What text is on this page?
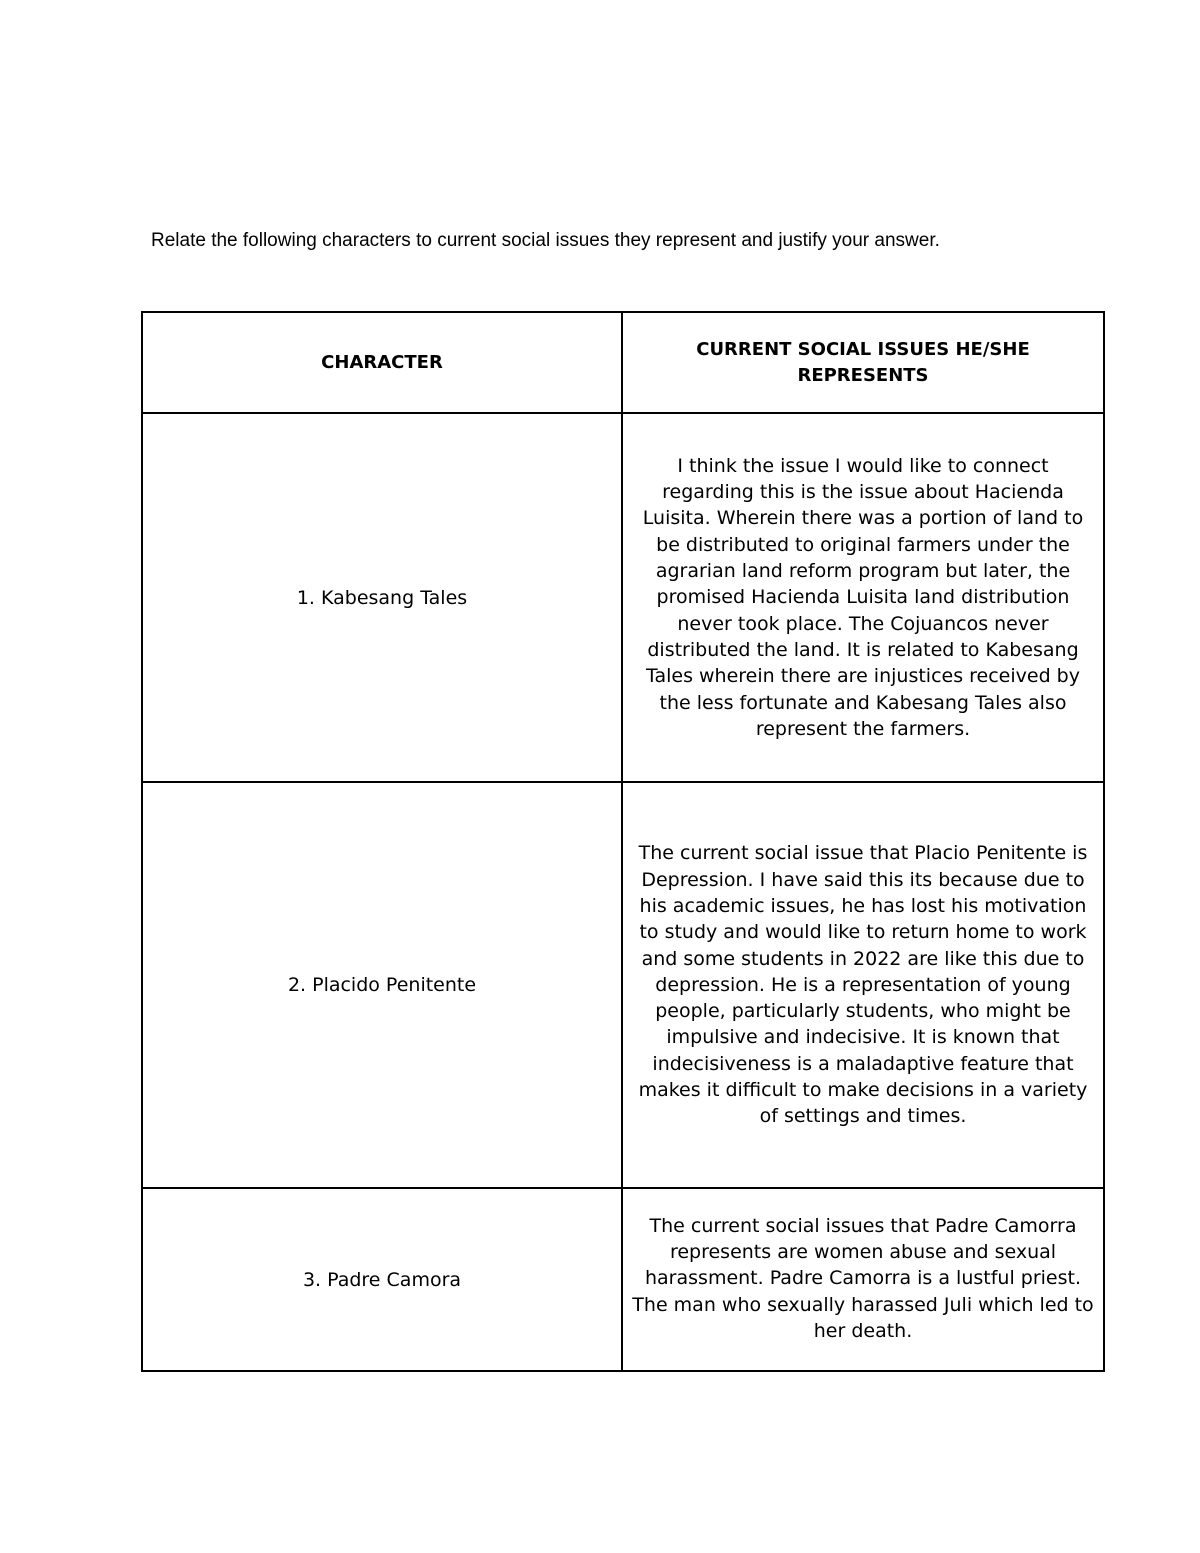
Relate the following characters to current social issues they represent and justify your answer.
CHARACTER	CURRENT SOCIAL ISSUES HE/SHE REPRESENTS
1. Kabesang Tales	I think the issue I would like to connect regarding this is the issue about Hacienda Luisita. Wherein there was a portion of land to be distributed to original farmers under the agrarian land reform program but later, the promised Hacienda Luisita land distribution never took place. The Cojuancos never distributed the land. It is related to Kabesang Tales wherein there are injustices received by the less fortunate and Kabesang Tales also represent the farmers.
2. Placido Penitente	The current social issue that Placio Penitente is Depression. I have said this its because due to his academic issues, he has lost his motivation to study and would like to return home to work and some students in 2022 are like this due to depression. He is a representation of young people, particularly students, who might be impulsive and indecisive. It is known that indecisiveness is a maladaptive feature that makes it difficult to make decisions in a variety of settings and times.
3. Padre Camora	The current social issues that Padre Camorra represents are women abuse and sexual harassment. Padre Camorra is a lustful priest. The man who sexually harassed Juli which led to her death.
